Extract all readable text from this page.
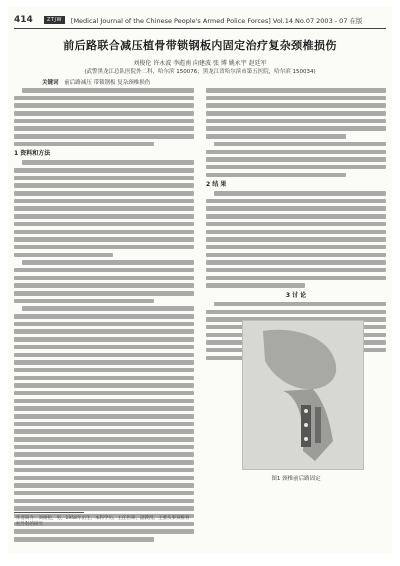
414	ZTJW	[Medical Journal of the Chinese People's Armed Police Forces] Vol.14 No.07 2003 - 07 在版
前后路联合减压植骨带锁钢板内固定治疗复杂颈椎损伤
刘俊伦 许永波 李彪南 向建波 张 博 姚永宇 赵廷军
(武警黑龙江总队医院外二科，哈尔滨 150076；黑龙江省哈尔滨市第五医院，哈尔滨 150034)
关键词 前后路减压 带锁钢板 复杂颈椎损伤
1 资料和方法
2 结 果
3 讨 论
图1 颈椎前后路固定
作者简介：刘俊伦，男，1958年出生，本科学历，主任医师，副教授。主要从事颈椎脊柱外科的研究
